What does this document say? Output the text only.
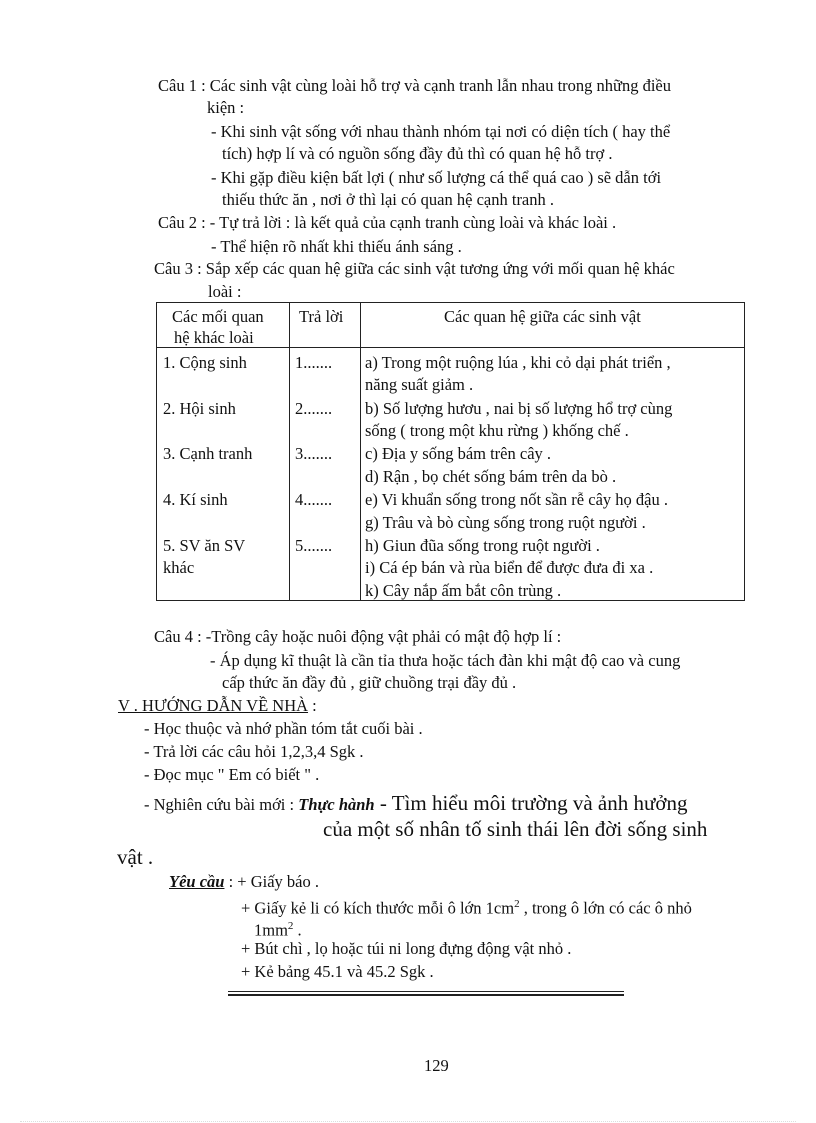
Câu 1 : Các sinh vật cùng loài hỗ trợ và cạnh tranh lẫn nhau trong những điều
kiện :
- Khi sinh vật sống với nhau thành nhóm tại nơi có diện tích ( hay thể
tích) hợp lí và có nguồn sống đầy đủ thì có quan hệ hỗ trợ .
- Khi gặp điều kiện bất lợi ( như số lượng cá thể quá cao ) sẽ dẫn tới
thiếu thức ăn , nơi ở thì lại có quan hệ cạnh tranh .
Câu 2 : - Tự trả lời : là kết quả của cạnh tranh cùng loài và khác loài .
- Thể hiện rõ nhất khi thiếu ánh sáng .
Câu 3 : Sắp xếp các quan hệ giữa các sinh vật tương ứng với mối quan hệ khác
loài :
Các mối quan
hệ khác loài
Trả lời	Các quan hệ giữa các sinh vật
1. Cộng sinh
2. Hội sinh
3. Cạnh tranh
4. Kí sinh
5. SV ăn SV
khác
1.......
2.......
3.......
4.......
5.......
a) Trong một ruộng lúa , khi cỏ dại phát triển ,
năng suất giảm .
b) Số lượng hươu , nai bị số lượng hổ trợ cùng
sống ( trong một khu rừng ) khống chế .
c) Địa y sống bám trên cây .
d) Rận , bọ chét sống bám trên da bò .
e) Vi khuẩn sống trong nốt sần rễ cây họ đậu .
g) Trâu và bò cùng sống trong ruột người .
h) Giun đũa sống trong ruột người .
i) Cá ép bán và rùa biển để được đưa đi xa .
k) Cây nắp ấm bắt côn trùng .
Câu 4 : -Trồng cây hoặc nuôi động vật phải có mật độ hợp lí :
- Áp dụng kĩ thuật là cần tỉa thưa hoặc tách đàn khi mật độ cao và cung
cấp thức ăn đầy đủ , giữ chuồng trại đầy đủ .
V . HƯỚNG DẪN VỀ NHÀ :
- Học thuộc và nhớ phần tóm tắt cuối bài .
- Trả lời các câu hỏi 1,2,3,4 Sgk .
- Đọc mục " Em có biết " .
- Nghiên cứu bài mới : Thực hành - Tìm hiểu môi trường và ảnh hưởng
của một số nhân tố sinh thái lên đời sống sinh
vật .
Yêu cầu : + Giấy báo .
+ Giấy kẻ li có kích thước mỗi ô lớn $1cm^2$ , trong ô lớn có các ô nhỏ
$1mm^2$ .
+ Bút chì , lọ hoặc túi ni long đựng động vật nhỏ .
+ Kẻ bảng 45.1 và 45.2 Sgk .
129
